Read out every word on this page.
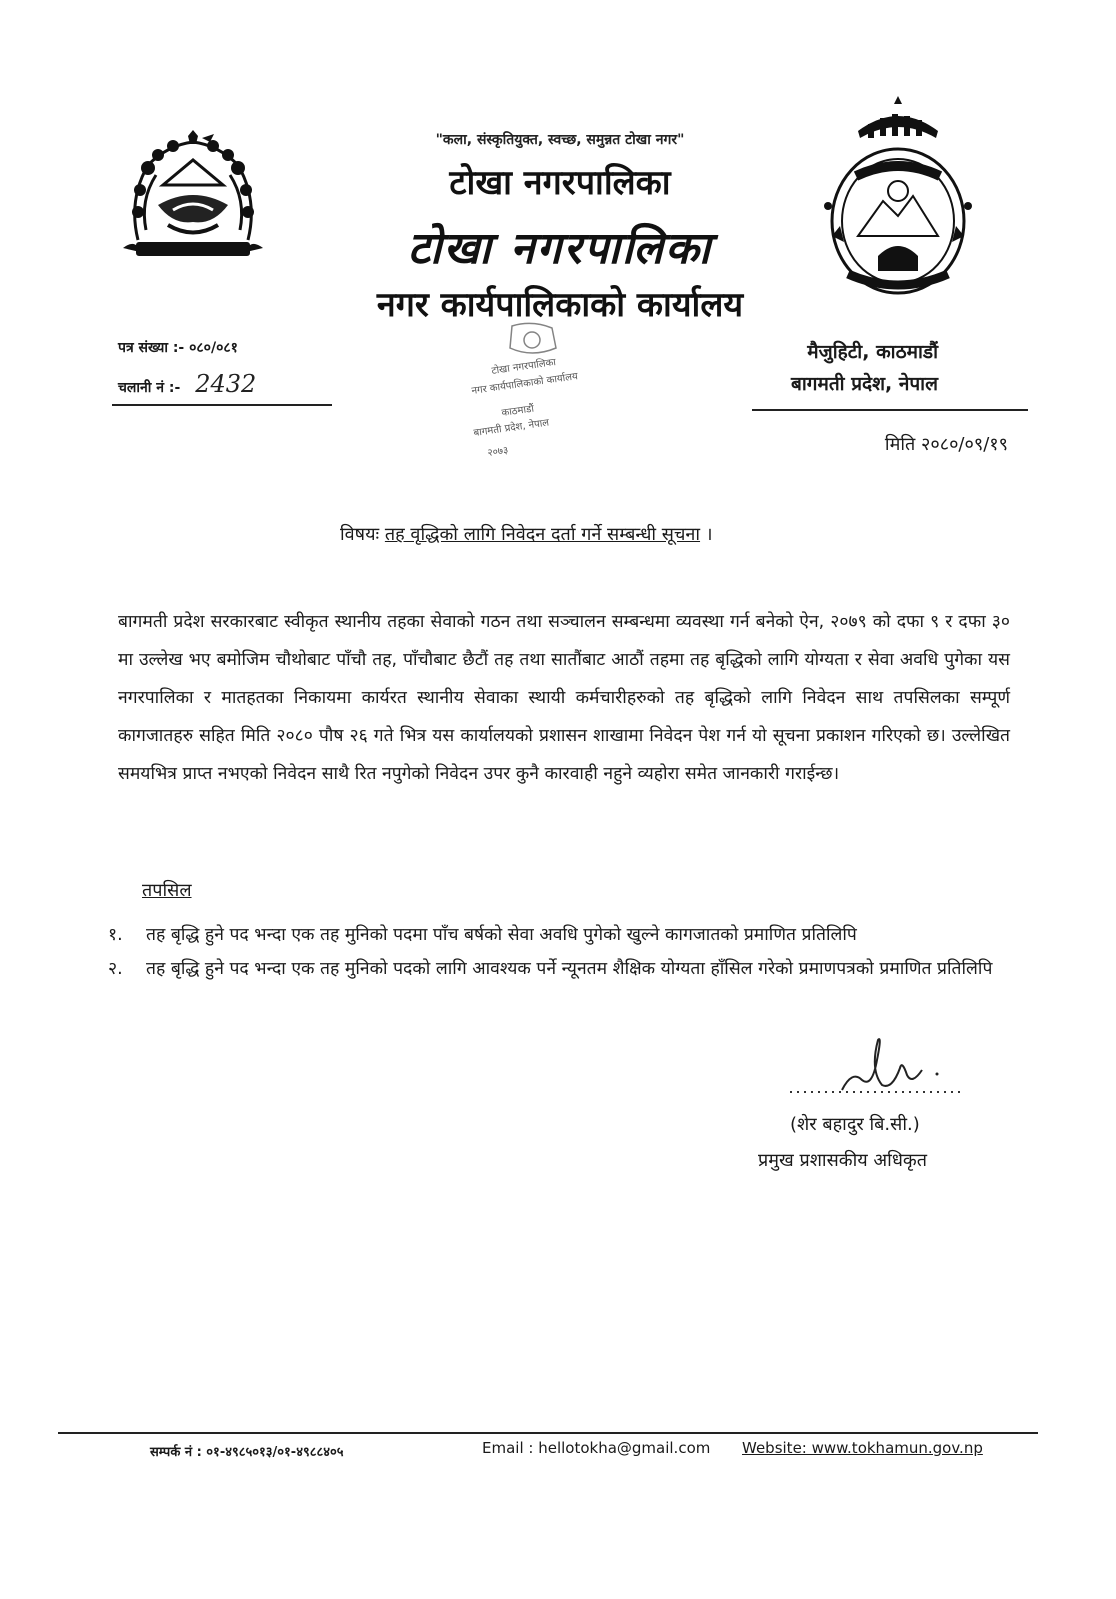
"कला, संस्कृतियुक्त, स्वच्छ, समुन्नत टोखा नगर"
टोखा नगरपालिका
टोखा नगरपालिका
नगर कार्यपालिकाको कार्यालय
पत्र संख्या :- ०८०/०८१
चलानी नं :- 2432
मैजुहिटी, काठमाडौं
बागमती प्रदेश, नेपाल
टोखा नगरपालिका
नगर कार्यपालिकाको कार्यालय
काठमाडौं
बागमती प्रदेश, नेपाल
२०७३	मिति २०८०/०९/१९
विषयः तह वृद्धिको लागि निवेदन दर्ता गर्ने सम्बन्धी सूचना ।
बागमती प्रदेश सरकारबाट स्वीकृत स्थानीय तहका सेवाको गठन तथा सञ्चालन सम्बन्धमा व्यवस्था गर्न बनेको ऐन, २०७९ को दफा ९ र दफा ३० मा उल्लेख भए बमोजिम चौथोबाट पाँचौ तह, पाँचौबाट छैटौं तह तथा सातौंबाट आठौं तहमा तह बृद्धिको लागि योग्यता र सेवा अवधि पुगेका यस नगरपालिका र मातहतका निकायमा कार्यरत स्थानीय सेवाका स्थायी कर्मचारीहरुको तह बृद्धिको लागि निवेदन साथ तपसिलका सम्पूर्ण कागजातहरु सहित मिति २०८० पौष २६ गते भित्र यस कार्यालयको प्रशासन शाखामा निवेदन पेश गर्न यो सूचना प्रकाशन गरिएको छ। उल्लेखित समयभित्र प्राप्त नभएको निवेदन साथै रित नपुगेको निवेदन उपर कुनै कारवाही नहुने व्यहोरा समेत जानकारी गराईन्छ।
तपसिल
१.	तह बृद्धि हुने पद भन्दा एक तह मुनिको पदमा पाँच बर्षको सेवा अवधि पुगेको खुल्ने कागजातको प्रमाणित प्रतिलिपि
२.	तह बृद्धि हुने पद भन्दा एक तह मुनिको पदको लागि आवश्यक पर्ने न्यूनतम शैक्षिक योग्यता हाँसिल गरेको प्रमाणपत्रको प्रमाणित प्रतिलिपि
(शेर बहादुर बि.सी.)
प्रमुख प्रशासकीय अधिकृत
सम्पर्क नं : ०१-४९८५०१३/०१-४९८८४०५	Email : hellotokha@gmail.com Website: www.tokhamun.gov.np
